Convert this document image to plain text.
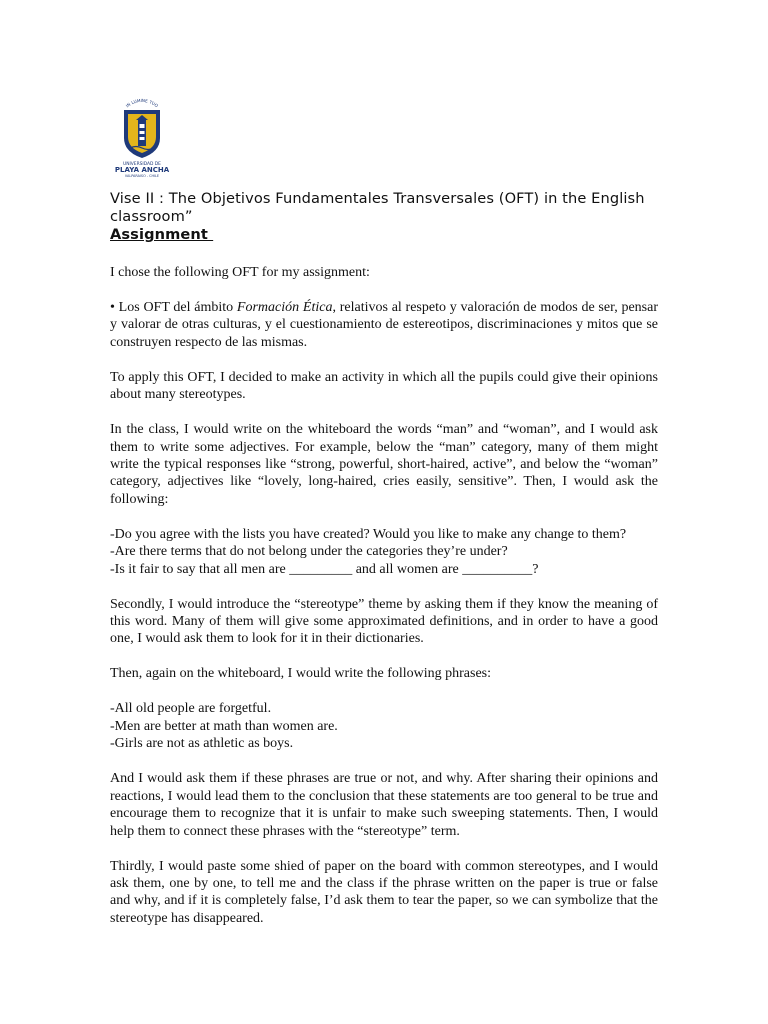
IN LUMINE TUO
UNIVERSIDAD DE
PLAYA ANCHA
VALPARAISO - CHILE
Vise II : The Objetivos Fundamentales Transversales (OFT) in the English classroom”
Assignment

I chose the following OFT for my assignment:

• Los OFT del ámbito Formación Ética, relativos al respeto y valoración de modos de ser, pensar y valorar de otras culturas, y el cuestionamiento de estereotipos, discriminaciones y mitos que se construyen respecto de las mismas.

To apply this OFT, I decided to make an activity in which all the pupils could give their opinions about many stereotypes.

In the class, I would write on the whiteboard the words “man” and “woman”, and I would ask them to write some adjectives. For example, below the “man” category, many of them might write the typical responses like “strong, powerful, short-haired, active”, and below the “woman” category, adjectives like “lovely, long-haired, cries easily, sensitive”. Then, I would ask the following:

-Do you agree with the lists you have created? Would you like to make any change to them?
-Are there terms that do not belong under the categories they’re under?
-Is it fair to say that all men are _________ and all women are __________?

Secondly, I would introduce the “stereotype” theme by asking them if they know the meaning of this word. Many of them will give some approximated definitions, and in order to have a good one, I would ask them to look for it in their dictionaries.

Then, again on the whiteboard, I would write the following phrases:

-All old people are forgetful.
-Men are better at math than women are.
-Girls are not as athletic as boys.

And I would ask them if these phrases are true or not, and why. After sharing their opinions and reactions, I would lead them to the conclusion that these statements are too general to be true and encourage them to recognize that it is unfair to make such sweeping statements. Then, I would help them to connect these phrases with the “stereotype” term.

Thirdly, I would paste some shied of paper on the board with common stereotypes, and I would ask them, one by one, to tell me and the class if the phrase written on the paper is true or false and why, and if it is completely false, I’d ask them to tear the paper, so we can symbolize that the stereotype has disappeared.
